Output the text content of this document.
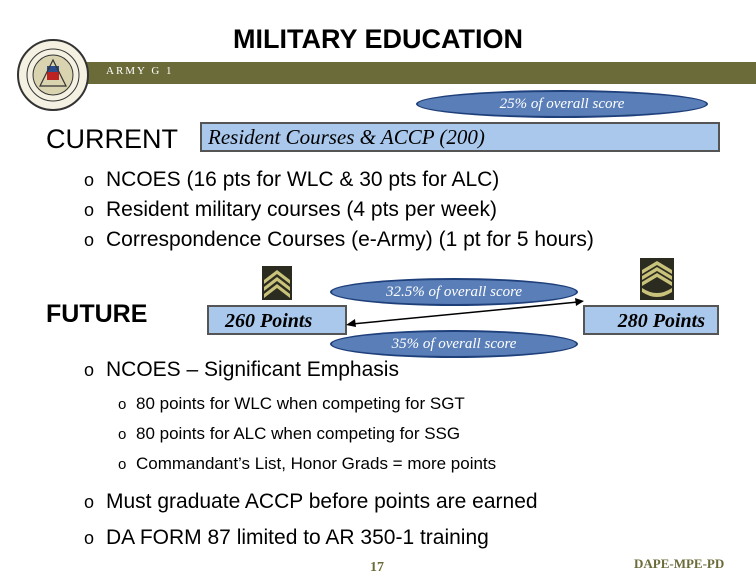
MILITARY EDUCATION
ARMY G 1
25% of overall score
CURRENT	Resident Courses & ACCP (200)
o NCOES (16 pts for WLC & 30 pts for ALC)
o Resident military courses (4 pts per week)
o Correspondence Courses (e-Army) (1 pt for 5 hours)
FUTURE
32.5% of overall score
260 Points	280 Points
35% of overall score
o NCOES – Significant Emphasis
o 80 points for WLC when competing for SGT
o 80 points for ALC when competing for SSG
o Commandant’s List, Honor Grads = more points
o Must graduate ACCP before points are earned
o DA FORM 87 limited to AR 350-1 training
17	DAPE-MPE-PD
